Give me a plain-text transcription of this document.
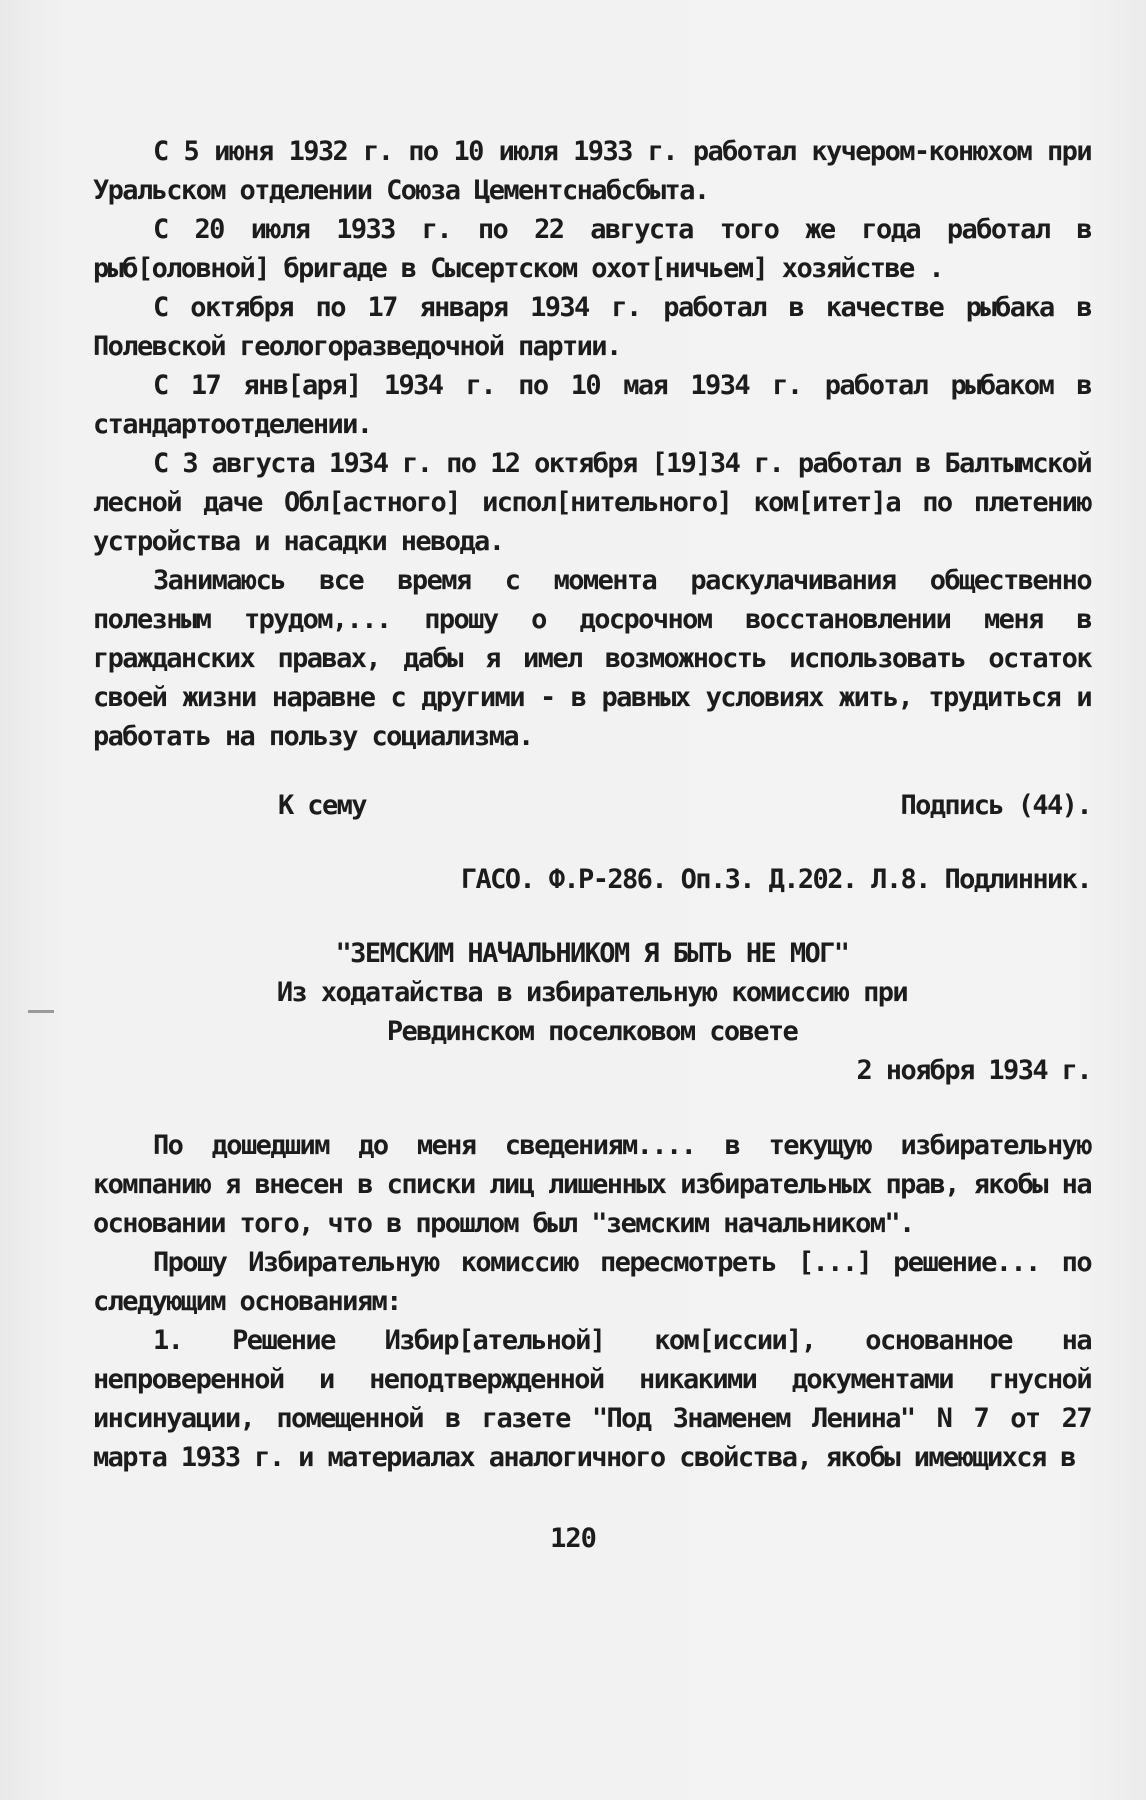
С 5 июня 1932 г. по 10 июля 1933 г. работал кучером-конюхом при Уральском отделении Союза Цементснабсбыта.

С 20 июля 1933 г. по 22 августа того же года работал в рыб[оловной] бригаде в Сысертском охот[ничьем] хозяйстве .

С октября по 17 января 1934 г. работал в качестве рыбака в Полевской геологоразведочной партии.

С 17 янв[аря] 1934 г. по 10 мая 1934 г. работал рыбаком в стандартоотделении.

С 3 августа 1934 г. по 12 октября [19]34 г. работал в Балтымской лесной даче Обл[астного] испол[нительного] ком[итет]а по плетению устройства и насадки невода.

Занимаюсь все время с момента раскулачивания общественно полезным трудом,... прошу о досрочном восстановлении меня в гражданских правах, дабы я имел возможность использовать остаток своей жизни наравне с другими - в равных условиях жить, трудиться и работать на пользу социализма.

К сему	Подпись (44).
ГАСО. Ф.Р-286. Оп.3. Д.202. Л.8. Подлинник.
"ЗЕМСКИМ НАЧАЛЬНИКОМ Я БЫТЬ НЕ МОГ"
Из ходатайства в избирательную комиссию при
Ревдинском поселковом совете
2 ноября 1934 г.

По дошедшим до меня сведениям.... в текущую избирательную компанию я внесен в списки лиц лишенных избирательных прав, якобы на основании того, что в прошлом был "земским начальником".

Прошу Избирательную комиссию пересмотреть [...] решение... по следующим основаниям:

1. Решение Избир[ательной] ком[иссии], основанное на непроверенной и неподтвержденной никакими документами гнусной инсинуации, помещенной в газете "Под Знаменем Ленина" N 7 от 27 марта 1933 г. и материалах аналогичного свойства, якобы имеющихся в

120
